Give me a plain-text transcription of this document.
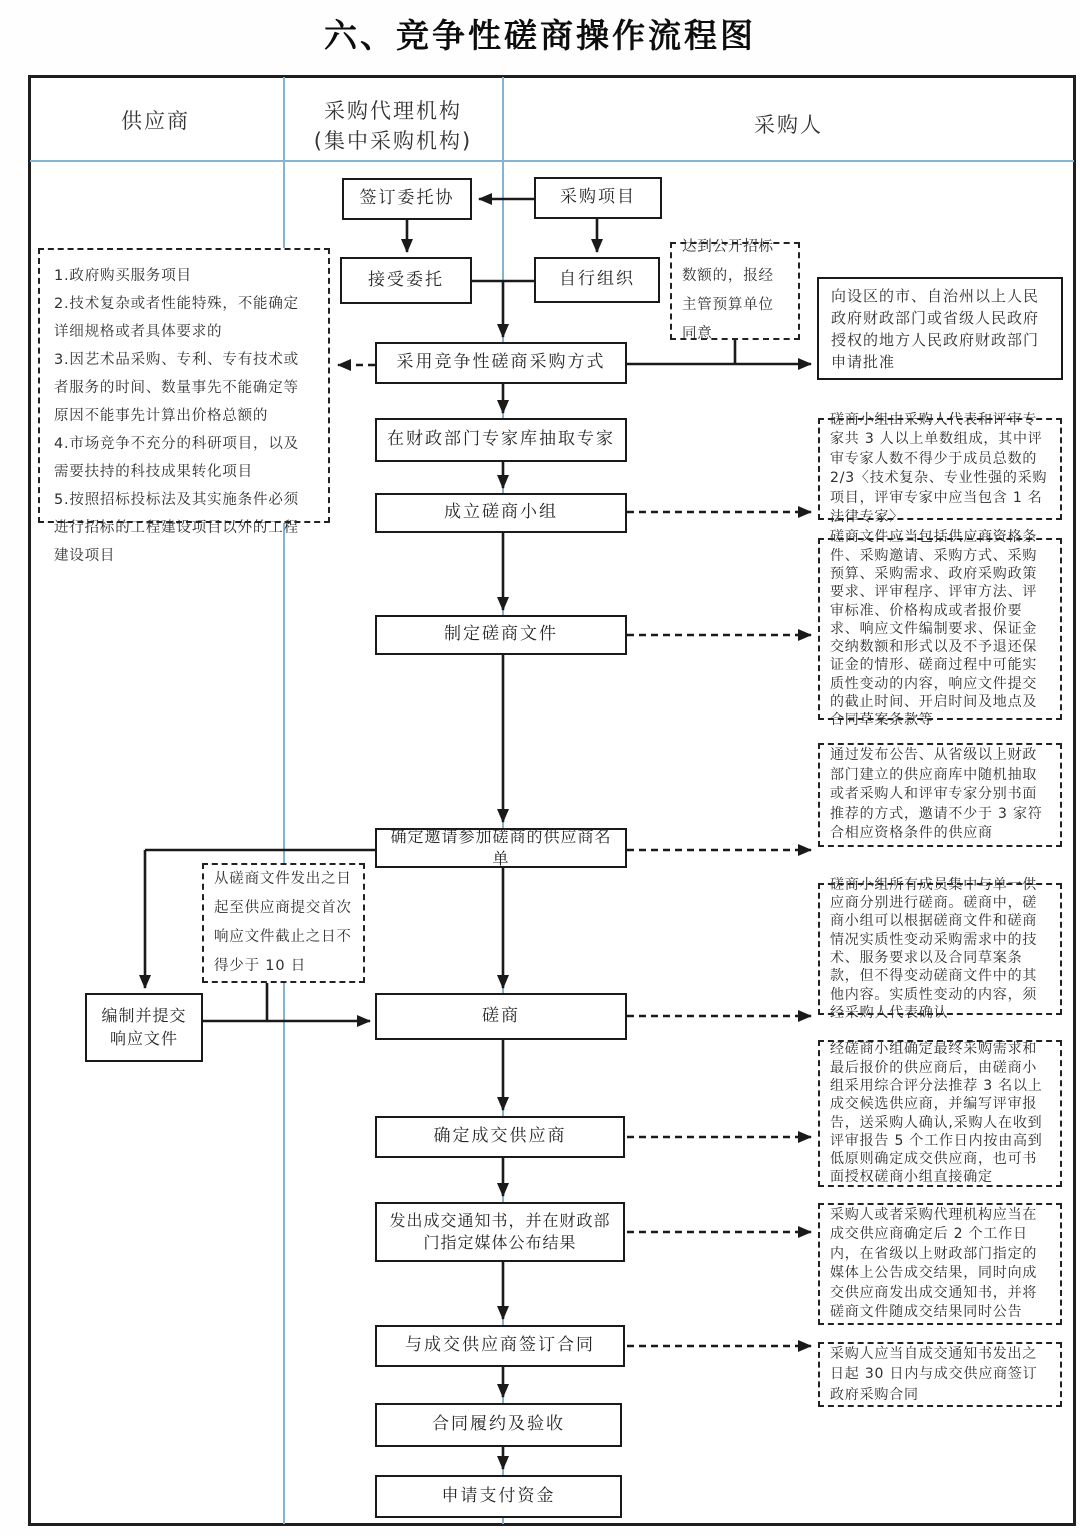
六、竞争性磋商操作流程图
供应商	采购代理机构
(集中采购机构)
采购人
签订委托协	采购项目
接受委托	自行组织
采用竞争性磋商采购方式
在财政部门专家库抽取专家
成立磋商小组
制定磋商文件
确定邀请参加磋商的供应商名单
编制并提交响应文件
磋商
确定成交供应商
发出成交通知书，并在财政部门指定媒体公布结果
与成交供应商签订合同
合同履约及验收
申请支付资金
向设区的市、自治州以上人民政府财政部门或省级人民政府授权的地方人民政府财政部门申请批准
1.政府购买服务项目
2.技术复杂或者性能特殊，不能确定详细规格或者具体要求的
3.因艺术品采购、专利、专有技术或者服务的时间、数量事先不能确定等原因不能事先计算出价格总额的
4.市场竞争不充分的科研项目，以及需要扶持的科技成果转化项目
5.按照招标投标法及其实施条件必须进行招标的工程建设项目以外的工程建设项目
达到公开招标数额的，报经主管预算单位同意
从磋商文件发出之日起至供应商提交首次响应文件截止之日不得少于 10 日
磋商小组由采购人代表和评审专家共 3 人以上单数组成，其中评审专家人数不得少于成员总数的 2/3〈技术复杂、专业性强的采购项目，评审专家中应当包含 1 名法律专家〉
磋商文件应当包括供应商资格条件、采购邀请、采购方式、采购预算、采购需求、政府采购政策要求、评审程序、评审方法、评审标准、价格构成或者报价要求、响应文件编制要求、保证金交纳数额和形式以及不予退还保证金的情形、磋商过程中可能实质性变动的内容，响应文件提交的截止时间、开启时间及地点及合同草案条款等
通过发布公告、从省级以上财政部门建立的供应商库中随机抽取或者采购人和评审专家分别书面推荐的方式，邀请不少于 3 家符合相应资格条件的供应商
磋商小组所有成员集中与单一供应商分别进行磋商。磋商中，磋商小组可以根据磋商文件和磋商情况实质性变动采购需求中的技术、服务要求以及合同草案条款，但不得变动磋商文件中的其他内容。实质性变动的内容，须经采购人代表确认
经磋商小组确定最终采购需求和最后报价的供应商后，由磋商小组采用综合评分法推荐 3 名以上成交候选供应商，并编写评审报告，送采购人确认,采购人在收到评审报告 5 个工作日内按由高到低原则确定成交供应商，也可书面授权磋商小组直接确定
采购人或者采购代理机构应当在成交供应商确定后 2 个工作日内，在省级以上财政部门指定的媒体上公告成交结果，同时向成交供应商发出成交通知书，并将磋商文件随成交结果同时公告
采购人应当自成交通知书发出之日起 30 日内与成交供应商签订政府采购合同
